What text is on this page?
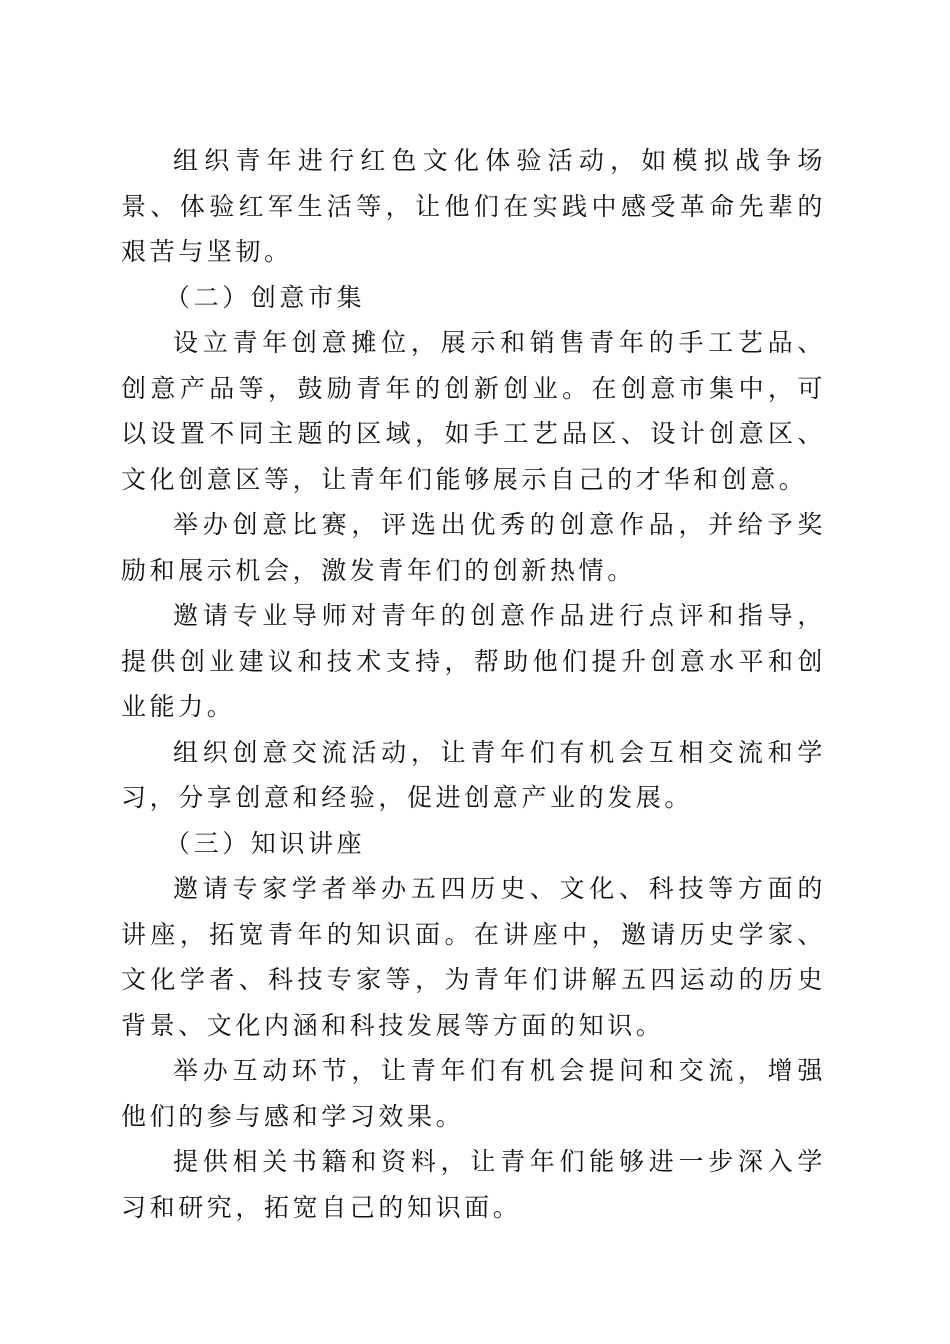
组织青年进行红色文化体验活动，如模拟战争场景、体验红军生活等，让他们在实践中感受革命先辈的艰苦与坚韧。

（二）创意市集

设立青年创意摊位，展示和销售青年的手工艺品、创意产品等，鼓励青年的创新创业。在创意市集中，可以设置不同主题的区域，如手工艺品区、设计创意区、文化创意区等，让青年们能够展示自己的才华和创意。

举办创意比赛，评选出优秀的创意作品，并给予奖励和展示机会，激发青年们的创新热情。

邀请专业导师对青年的创意作品进行点评和指导，提供创业建议和技术支持，帮助他们提升创意水平和创业能力。

组织创意交流活动，让青年们有机会互相交流和学习，分享创意和经验，促进创意产业的发展。

（三）知识讲座

邀请专家学者举办五四历史、文化、科技等方面的讲座，拓宽青年的知识面。在讲座中，邀请历史学家、文化学者、科技专家等，为青年们讲解五四运动的历史背景、文化内涵和科技发展等方面的知识。

举办互动环节，让青年们有机会提问和交流，增强他们的参与感和学习效果。

提供相关书籍和资料，让青年们能够进一步深入学习和研究，拓宽自己的知识面。
